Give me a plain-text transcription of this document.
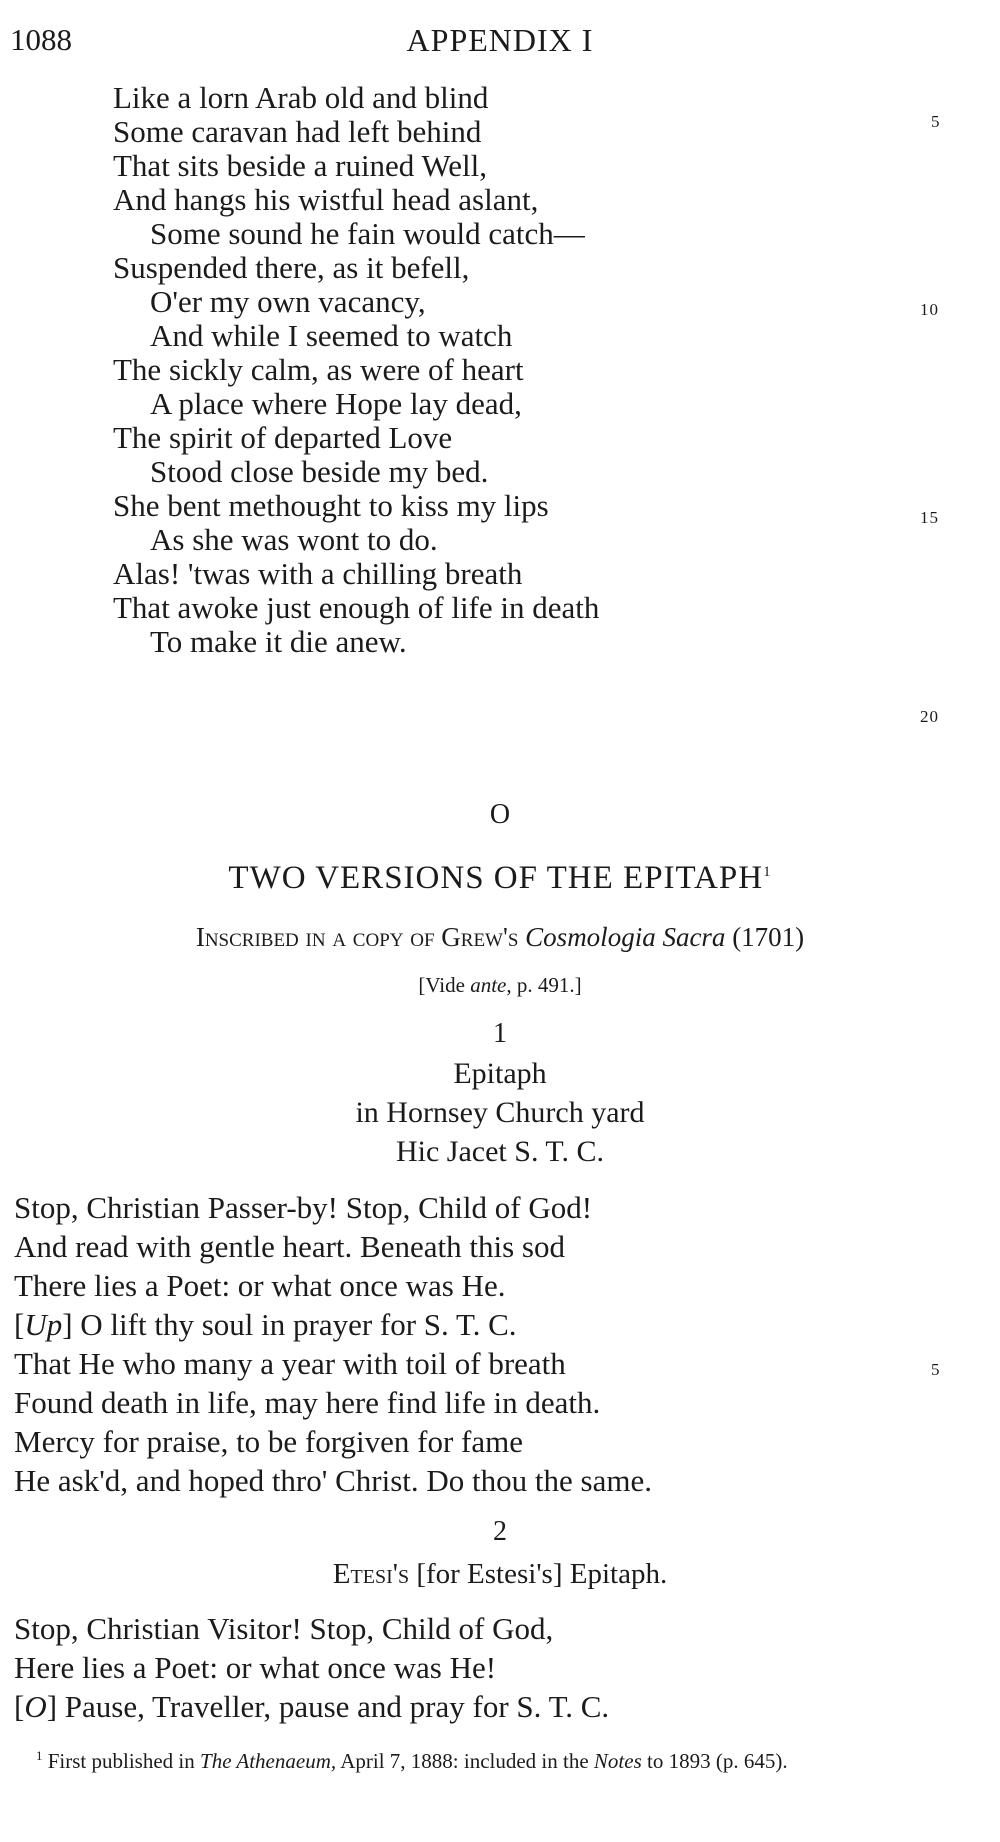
1088	APPENDIX I
Like a lorn Arab old and blind
Some caravan had left behind
That sits beside a ruined Well,
And hangs his wistful head aslant,
Some sound he fain would catch—
Suspended there, as it befell,
O'er my own vacancy,
And while I seemed to watch
The sickly calm, as were of heart
A place where Hope lay dead,
The spirit of departed Love
Stood close beside my bed.
She bent methought to kiss my lips
As she was wont to do.
Alas! 'twas with a chilling breath
That awoke just enough of life in death
To make it die anew.
5
10
15
20
O
TWO VERSIONS OF THE EPITAPH$^1$
Inscribed in a copy of Grew's Cosmologia Sacra (1701)
[Vide ante, p. 491.]
1
Epitaph
in Hornsey Church yard
Hic Jacet S. T. C.
Stop, Christian Passer-by! Stop, Child of God!
And read with gentle heart. Beneath this sod
There lies a Poet: or what once was He.
[Up] O lift thy soul in prayer for S. T. C.
That He who many a year with toil of breath
Found death in life, may here find life in death.
Mercy for praise, to be forgiven for fame
He ask'd, and hoped thro' Christ. Do thou the same.
5
2
Etesi's [for Estesi's] Epitaph.
Stop, Christian Visitor! Stop, Child of God,
Here lies a Poet: or what once was He!
[O] Pause, Traveller, pause and pray for S. T. C.
$^1$ First published in The Athenaeum, April 7, 1888: included in the Notes to 1893 (p. 645).
